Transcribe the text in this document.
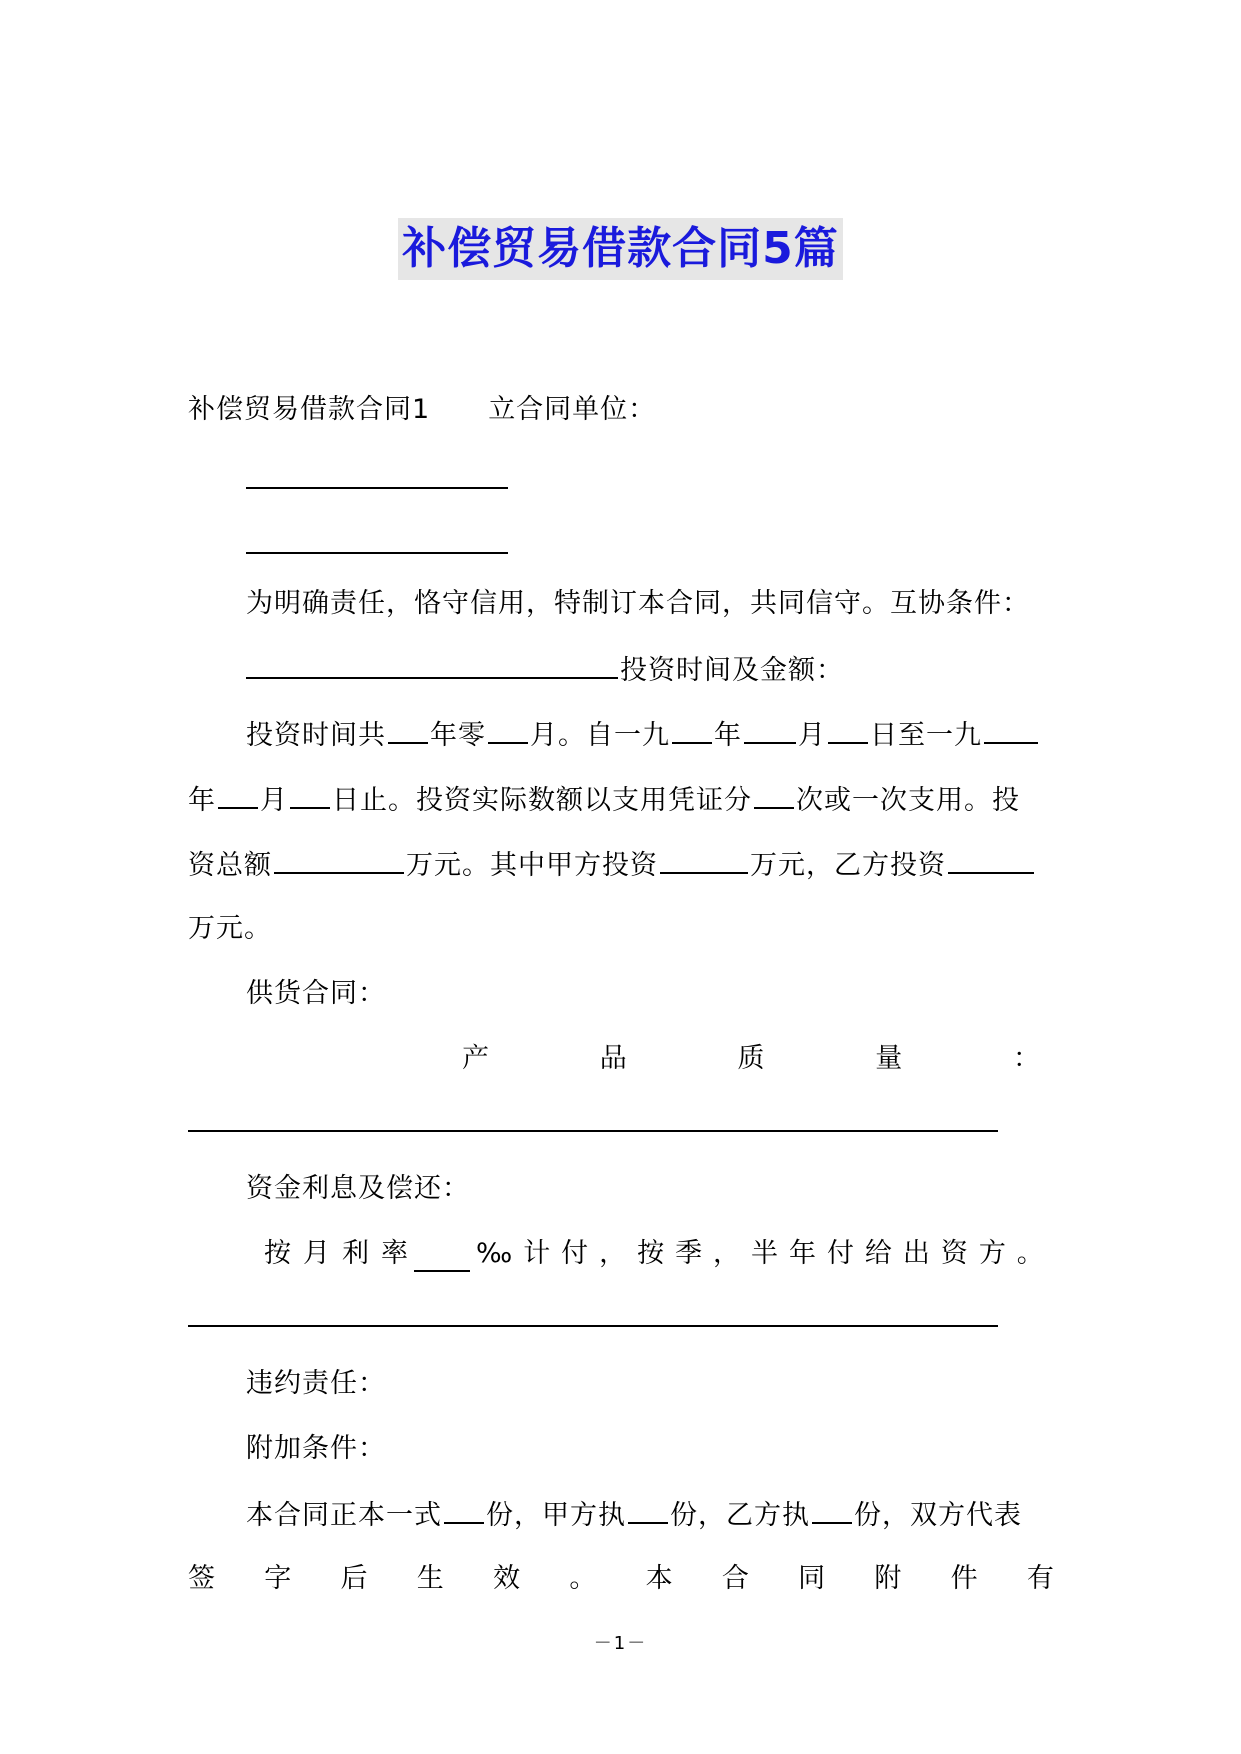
补偿贸易借款合同5篇
补偿贸易借款合同1 立合同单位：
为明确责任，恪守信用，特制订本合同，共同信守。互协条件：
投资时间及金额：
投资时间共 年零 月。自一九 年 月 日至一九
年 月 日止。投资实际数额以支用凭证分 次或一次支用。投
资总额	万元。其中甲方投资	万元，乙方投资
万元。
供货合同：
产	品	质	量	：
资金利息及偿还：
按 月 利 率	‰ 计 付 ， 按 季 ， 半 年 付 给 出 资 方 。
违约责任：
附加条件：
本合同正本一式 份，甲方执 份，乙方执 份，双方代表
签 字 后 生 效 。 本 合 同 附 件 有
－1－
